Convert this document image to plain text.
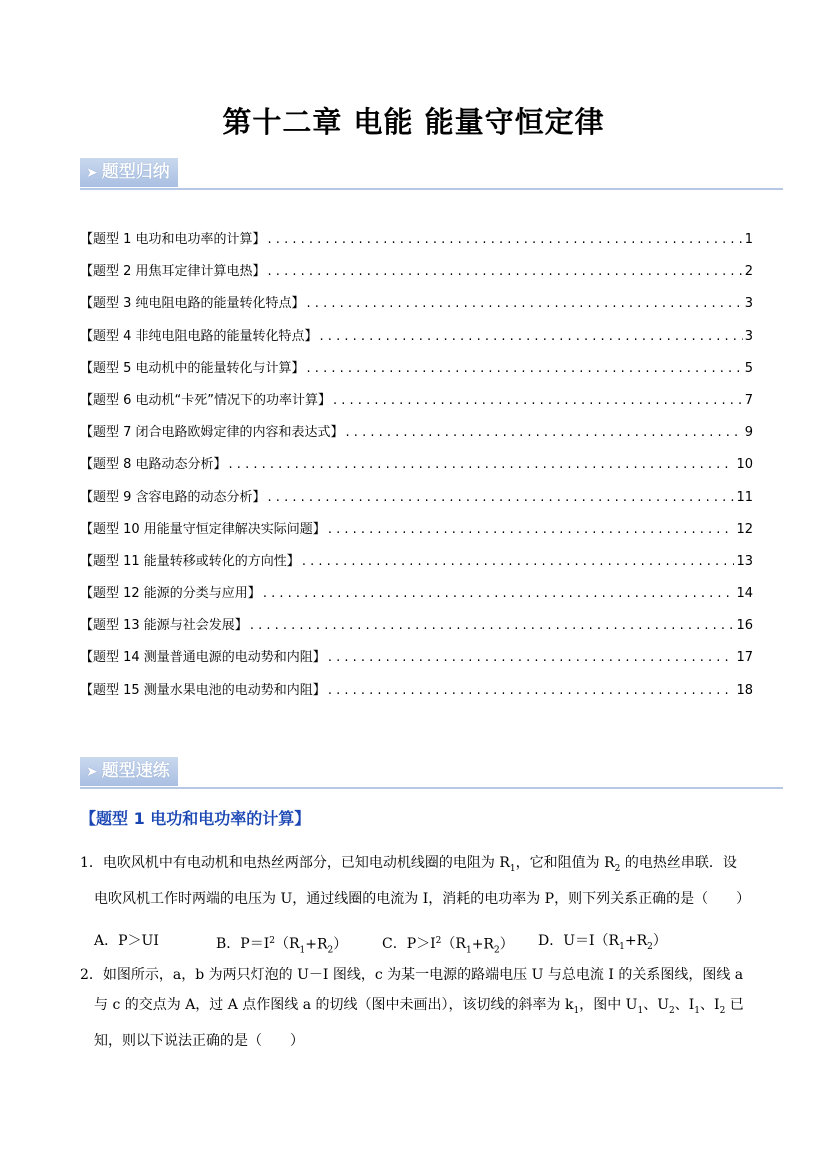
第十二章 电能 能量守恒定律
➤ 题型归纳
【题型 1 电功和电功率的计算】 . . .	1
【题型 2 用焦耳定律计算电热】 . . .	2
【题型 3 纯电阻电路的能量转化特点】 . . .	3
【题型 4 非纯电阻电路的能量转化特点】 . . .	3
【题型 5 电动机中的能量转化与计算】 . . .	5
【题型 6 电动机“卡死”情况下的功率计算】 . . .	7
【题型 7 闭合电路欧姆定律的内容和表达式】 . . .	9
【题型 8 电路动态分析】 . . .	10
【题型 9 含容电路的动态分析】 . . .	11
【题型 10 用能量守恒定律解决实际问题】 . . .	12
【题型 11 能量转移或转化的方向性】 . . .	13
【题型 12 能源的分类与应用】 . . .	14
【题型 13 能源与社会发展】 . . .	16
【题型 14 测量普通电源的电动势和内阻】 . . .	17
【题型 15 测量水果电池的电动势和内阻】 . . .	18
➤ 题型速练
【题型 1 电功和电功率的计算】
1．电吹风机中有电动机和电热丝两部分，已知电动机线圈的电阻为 $R_1$，它和阻值为 $R_2$ 的电热丝串联．设
电吹风机工作时两端的电压为 U，通过线圈的电流为 I，消耗的电功率为 P，则下列关系正确的是（　　）
A．P＞UI	B．$P=I^2(R_1+R_2)$	C．$P>I^2(R_1+R_2)$	D．$U=I(R_1+R_2)$
2．如图所示，a，b 为两只灯泡的 U－I 图线，c 为某一电源的路端电压 U 与总电流 I 的关系图线，图线 a
与 c 的交点为 A，过 A 点作图线 a 的切线（图中未画出），该切线的斜率为 $k_1$，图中 $U_1$、$U_2$、$I_1$、$I_2$ 已
知，则以下说法正确的是（　　）
